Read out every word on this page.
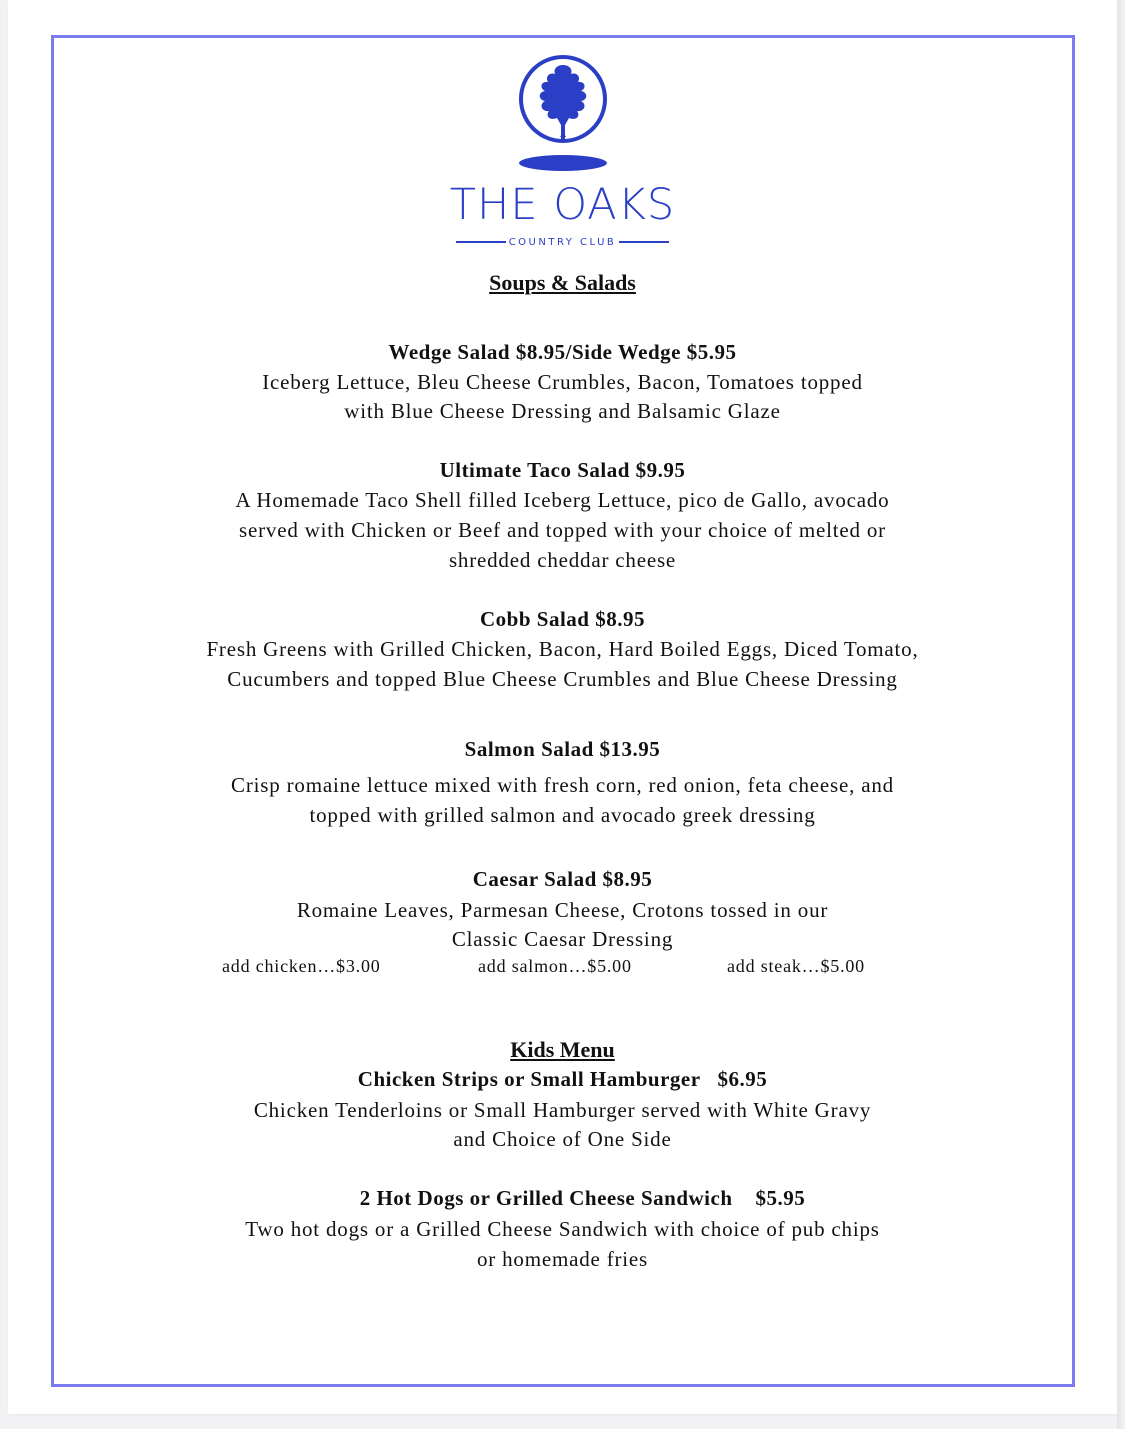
THE OAKS
COUNTRY CLUB
Soups & Salads
Wedge Salad $8.95/Side Wedge $5.95
Iceberg Lettuce, Bleu Cheese Crumbles, Bacon, Tomatoes topped
with Blue Cheese Dressing and Balsamic Glaze
Ultimate Taco Salad $9.95
A Homemade Taco Shell filled Iceberg Lettuce, pico de Gallo, avocado
served with Chicken or Beef and topped with your choice of melted or
shredded cheddar cheese
Cobb Salad $8.95
Fresh Greens with Grilled Chicken, Bacon, Hard Boiled Eggs, Diced Tomato,
Cucumbers and topped Blue Cheese Crumbles and Blue Cheese Dressing
Salmon Salad $13.95
Crisp romaine lettuce mixed with fresh corn, red onion, feta cheese, and
topped with grilled salmon and avocado greek dressing
Caesar Salad $8.95
Romaine Leaves, Parmesan Cheese, Crotons tossed in our
Classic Caesar Dressing
add chicken…$3.00	add salmon…$5.00	add steak…$5.00
Kids Menu
Chicken Strips or Small Hamburger   $6.95
Chicken Tenderloins or Small Hamburger served with White Gravy
and Choice of One Side
2 Hot Dogs or Grilled Cheese Sandwich    $5.95
Two hot dogs or a Grilled Cheese Sandwich with choice of pub chips
or homemade fries
